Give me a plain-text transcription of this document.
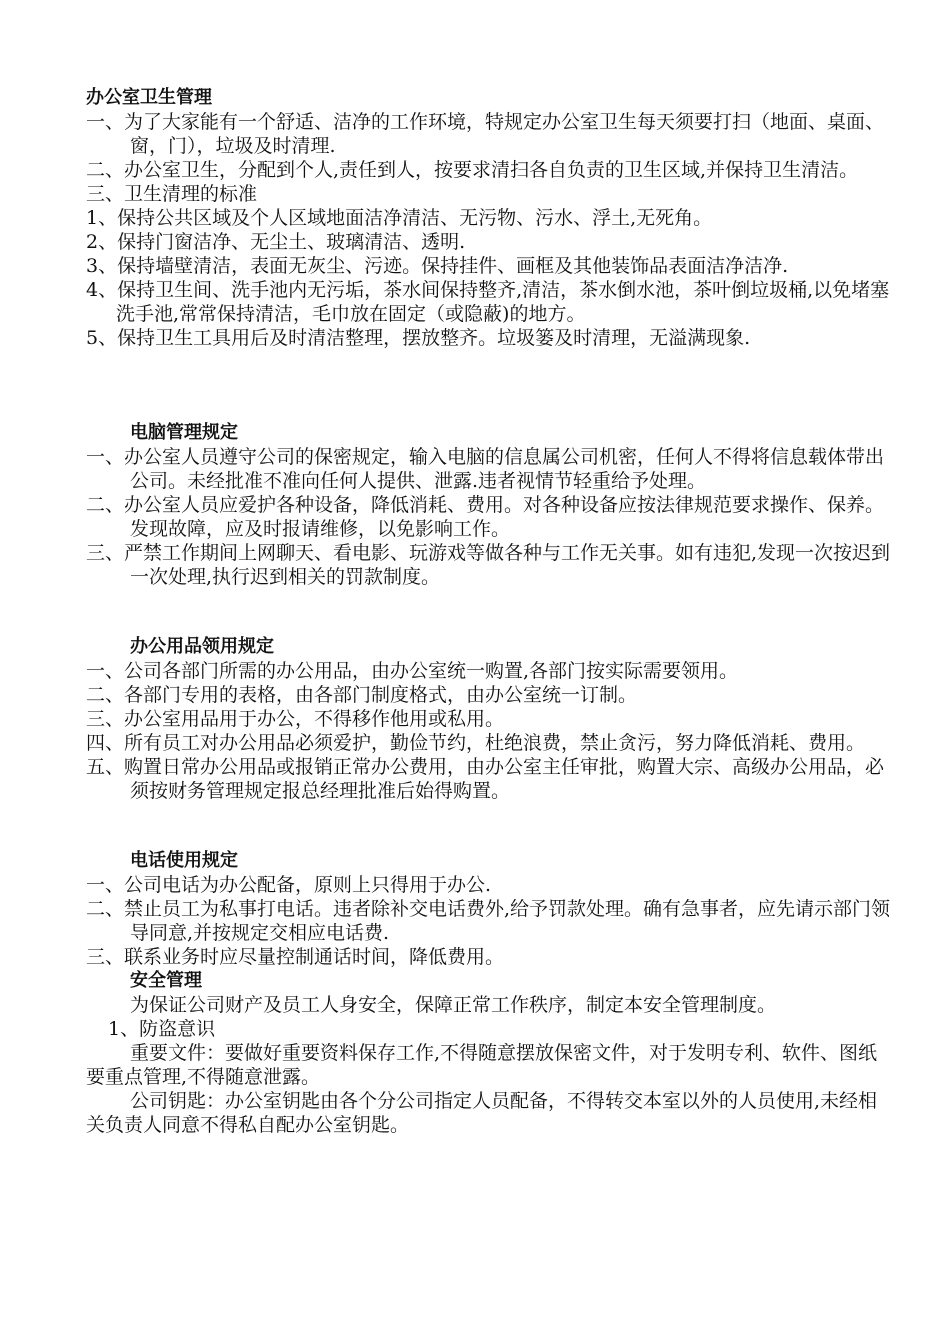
办公室卫生管理
一、为了大家能有一个舒适、洁净的工作环境，特规定办公室卫生每天须要打扫（地面、桌面、窗，门），垃圾及时清理.
二、办公室卫生，分配到个人,责任到人，按要求清扫各自负责的卫生区域,并保持卫生清洁。
三、卫生清理的标准
1、保持公共区域及个人区域地面洁净清洁、无污物、污水、浮土,无死角。
2、保持门窗洁净、无尘土、玻璃清洁、透明.
3、保持墙壁清洁，表面无灰尘、污迹。保持挂件、画框及其他装饰品表面洁净洁净.
4、保持卫生间、洗手池内无污垢，茶水间保持整齐,清洁，茶水倒水池，茶叶倒垃圾桶,以免堵塞洗手池,常常保持清洁，毛巾放在固定（或隐蔽)的地方。
5、保持卫生工具用后及时清洁整理，摆放整齐。垃圾篓及时清理，无溢满现象.
电脑管理规定
一、办公室人员遵守公司的保密规定，输入电脑的信息属公司机密，任何人不得将信息载体带出公司。未经批准不准向任何人提供、泄露.违者视情节轻重给予处理。
二、办公室人员应爱护各种设备，降低消耗、费用。对各种设备应按法律规范要求操作、保养。发现故障，应及时报请维修，以免影响工作。
三、严禁工作期间上网聊天、看电影、玩游戏等做各种与工作无关事。如有违犯,发现一次按迟到一次处理,执行迟到相关的罚款制度。
办公用品领用规定
一、公司各部门所需的办公用品，由办公室统一购置,各部门按实际需要领用。
二、各部门专用的表格，由各部门制度格式，由办公室统一订制。
三、办公室用品用于办公，不得移作他用或私用。
四、所有员工对办公用品必须爱护，勤俭节约，杜绝浪费，禁止贪污，努力降低消耗、费用。
五、购置日常办公用品或报销正常办公费用，由办公室主任审批，购置大宗、高级办公用品，必须按财务管理规定报总经理批准后始得购置。
电话使用规定
一、公司电话为办公配备，原则上只得用于办公.
二、禁止员工为私事打电话。违者除补交电话费外,给予罚款处理。确有急事者，应先请示部门领导同意,并按规定交相应电话费.
三、联系业务时应尽量控制通话时间，降低费用。
安全管理
为保证公司财产及员工人身安全，保障正常工作秩序，制定本安全管理制度。
1、防盗意识
重要文件：要做好重要资料保存工作,不得随意摆放保密文件，对于发明专利、软件、图纸要重点管理,不得随意泄露。
公司钥匙：办公室钥匙由各个分公司指定人员配备，不得转交本室以外的人员使用,未经相关负责人同意不得私自配办公室钥匙。
